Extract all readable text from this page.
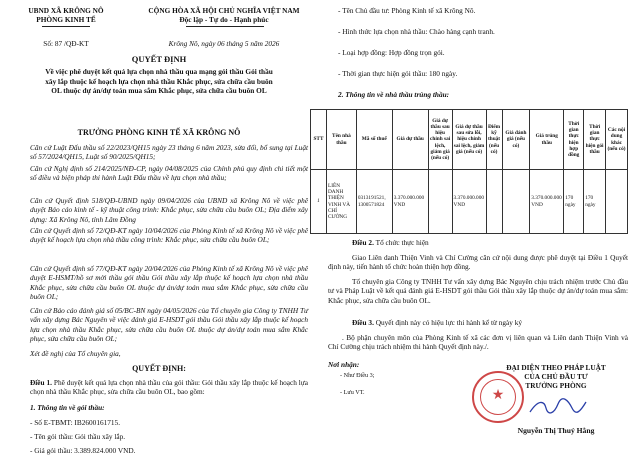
UBND XÃ KRÔNG NÔ
PHÒNG KINH TẾ
Số: 87 /QĐ-KT
CỘNG HÒA XÃ HỘI CHỦ NGHĨA VIỆT NAM
Độc lập - Tự do - Hạnh phúc
Krông Nô, ngày 06 tháng 5 năm 2026
QUYẾT ĐỊNH
Về việc phê duyệt kết quả lựa chọn nhà thầu qua mạng gói thầu Gói thầu
xây lắp thuộc kế hoạch lựa chọn nhà thầu Khắc phục, sửa chữa cầu buôn
OL thuộc dự án/dự toán mua sắm Khắc phục, sửa chữa cầu buôn OL
TRƯỞNG PHÒNG KINH TẾ XÃ KRÔNG NÔ
Căn cứ Luật Đấu thầu số 22/2023/QH15 ngày 23 tháng 6 năm 2023, sửa đổi, bổ sung tại Luật số 57/2024/QH15, Luật số 90/2025/QH15;
Căn cứ Nghị định số 214/2025/NĐ-CP, ngày 04/08/2025 của Chính phủ quy định chi tiết một số điều và biện pháp thi hành Luật Đấu thầu về lựa chọn nhà thầu;
Căn cứ Quyết định 518/QĐ-UBND ngày 09/04/2026 của UBND xã Krông Nô về việc phê duyệt Báo cáo kinh tế - kỹ thuật công trình: Khắc phục, sửa chữa cầu buôn OL; Địa điểm xây dựng: Xã Krông Nô, tỉnh Lâm Đồng
Căn cứ Quyết định số 72/QĐ-KT ngày 10/04/2026 của Phòng Kinh tế xã Krông Nô về việc phê duyệt kế hoạch lựa chọn nhà thầu công trình: Khắc phục, sửa chữa cầu buôn OL;
Căn cứ Quyết định số 77/QĐ-KT ngày 20/04/2026 của Phòng Kinh tế xã Krông Nô về việc phê duyệt E-HSMT/hồ sơ mời thầu gói thầu Gói thầu xây lắp thuộc kế hoạch lựa chọn nhà thầu Khắc phục, sửa chữa cầu buôn OL thuộc dự án/dự toán mua sắm Khắc phục, sửa chữa cầu buôn OL;
Căn cứ Báo cáo đánh giá số 05/BC-BN ngày 04/05/2026 của Tổ chuyên gia Công ty TNHH Tư vấn xây dựng Bác Nguyên về việc đánh giá E-HSDT gói thầu Gói thầu xây lắp thuộc kế hoạch lựa chọn nhà thầu Khắc phục, sửa chữa cầu buôn OL thuộc dự án/dự toán mua sắm Khắc phục, sửa chữa cầu buôn OL;
Xét đề nghị của Tổ chuyên gia,
QUYẾT ĐỊNH:
Điều 1. Phê duyệt kết quả lựa chọn nhà thầu của gói thầu: Gói thầu xây lắp thuộc kế hoạch lựa chọn nhà thầu Khắc phục, sửa chữa cầu buôn OL, bao gồm:
1. Thông tin về gói thầu:
- Số E-TBMT: IB2600161715.
- Tên gói thầu: Gói thầu xây lắp.
- Giá gói thầu: 3.389.824.000 VND.
- Tên Chủ đầu tư: Phòng Kinh tế xã Krông Nô.
- Hình thức lựa chọn nhà thầu: Chào hàng cạnh tranh.
- Loại hợp đồng: Hợp đồng trọn gói.
- Thời gian thực hiện gói thầu: 180 ngày.
2. Thông tin về nhà thầu trúng thầu:
STT	Tên nhà thầu	Mã số thuế	Giá dự thầu	Giá dự thầu sau hiệu chỉnh sai lệch, giảm giá (nếu có)	Giá dự thầu sau sửa lỗi, hiệu chỉnh sai lệch, giảm giá (nếu có)	Điểm kỹ thuật (nếu có)	Giá đánh giá (nếu có)	Giá trúng thầu	Thời gian thực hiện hợp đồng	Thời gian thực hiện gói thầu	Các nội dung khác (nếu có)
1	LIÊN DANH THIỆN VINH VÀ CHÍ CƯỜNG	0313191521, 1300571824	3.370.000.000 VND		3.370.000.000 VND			3.370.000.000 VND	170 ngày	170 ngày	
Điều 2. Tổ chức thực hiện
Giao Liên danh Thiện Vinh và Chí Cường căn cứ nội dung được phê duyệt tại Điều 1 Quyết định này, tiến hành tổ chức hoàn thiện hợp đồng.
Tổ chuyên gia Công ty TNHH Tư vấn xây dựng Bác Nguyên chịu trách nhiệm trước Chủ đầu tư và Pháp Luật về kết quả đánh giá E-HSDT gói thầu Gói thầu xây lắp thuộc dự án/dự toán mua sắm: Khắc phục, sửa chữa cầu buôn OL.
Điều 3. Quyết định này có hiệu lực thi hành kể từ ngày ký
. Bộ phận chuyên môn của Phòng Kinh tế xã các đơn vị liên quan và Liên danh Thiện Vinh và Chí Cường chịu trách nhiệm thi hành Quyết định này./.
Nơi nhận:
- Như Điều 3;
- Lưu VT.
ĐẠI DIỆN THEO PHÁP LUẬT
CỦA CHỦ ĐẦU TƯ
TRƯỞNG PHÒNG
★
Nguyễn Thị Thuý Hằng
